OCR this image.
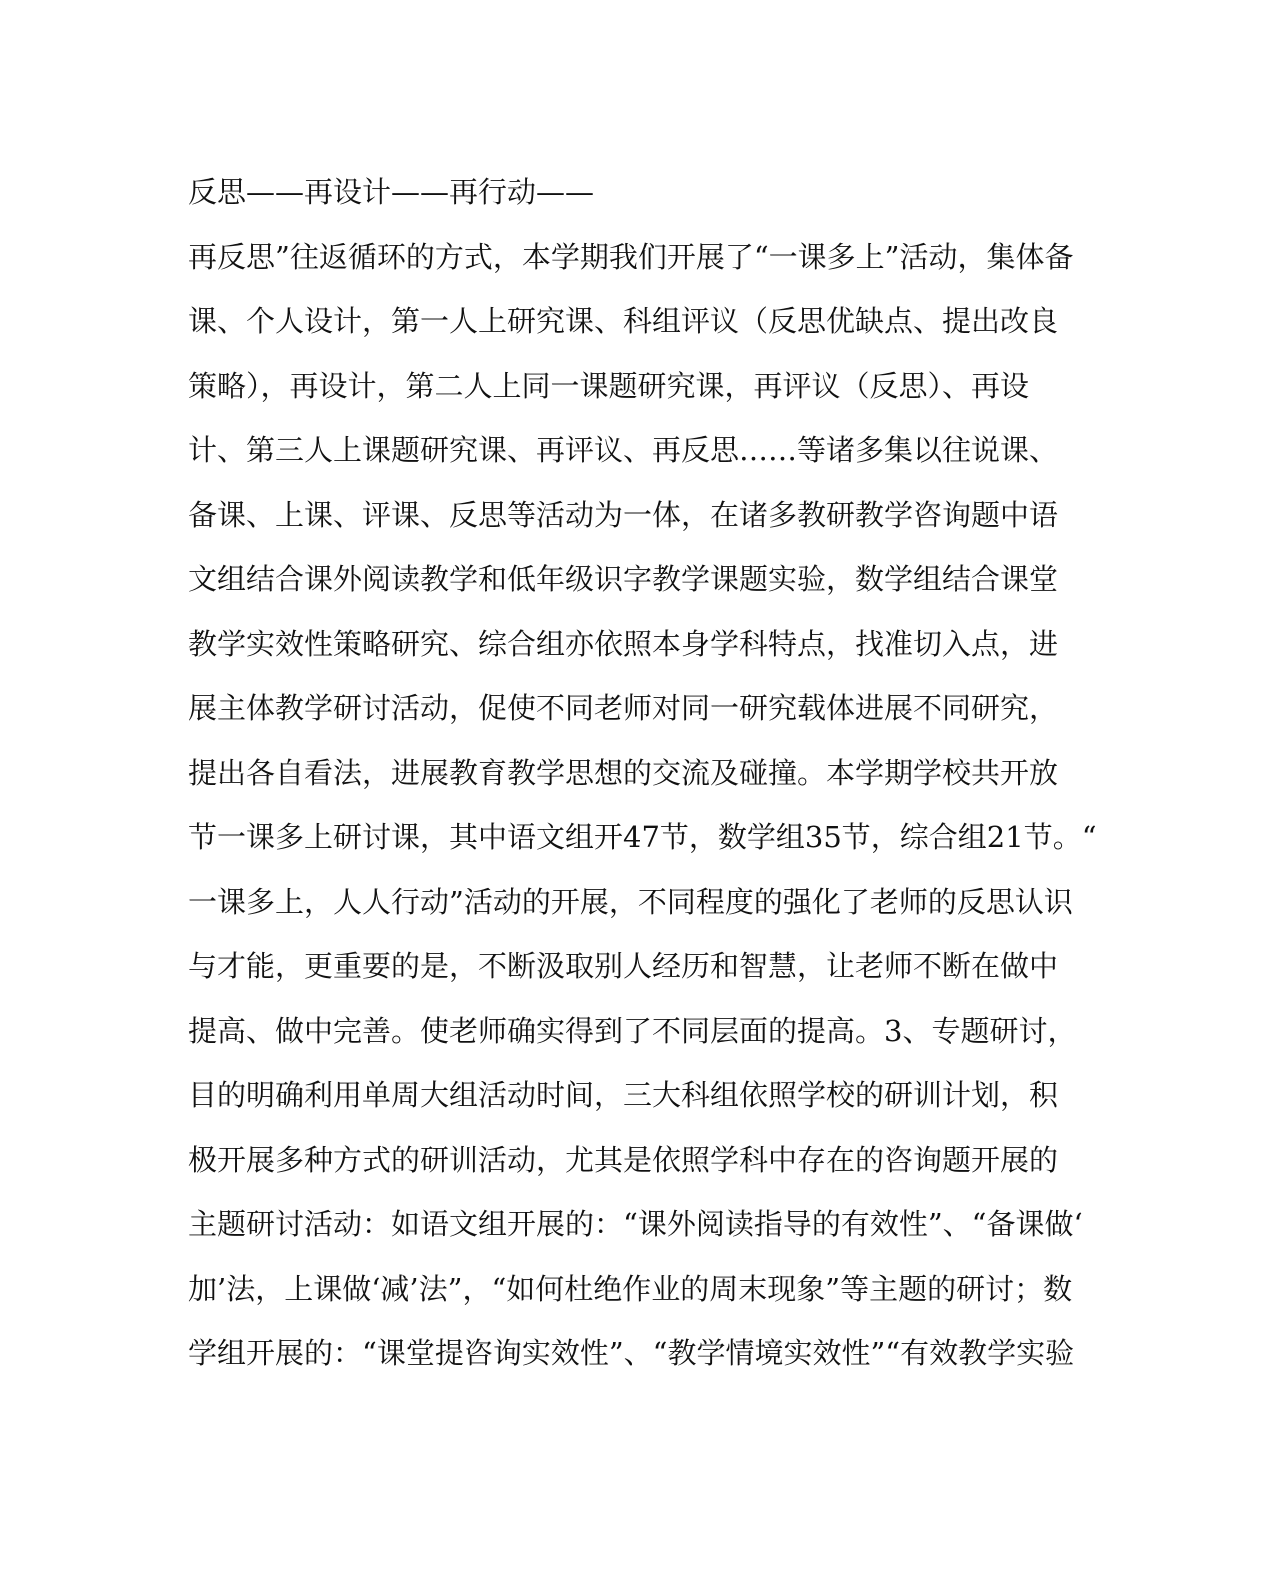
反思——再设计——再行动——
再反思”往返循环的方式，本学期我们开展了“一课多上”活动，集体备
课、个人设计，第一人上研究课、科组评议（反思优缺点、提出改良
策略），再设计，第二人上同一课题研究课，再评议（反思）、再设
计、第三人上课题研究课、再评议、再反思……等诸多集以往说课、
备课、上课、评课、反思等活动为一体，在诸多教研教学咨询题中语
文组结合课外阅读教学和低年级识字教学课题实验，数学组结合课堂
教学实效性策略研究、综合组亦依照本身学科特点，找准切入点，进
展主体教学研讨活动，促使不同老师对同一研究载体进展不同研究，
提出各自看法，进展教育教学思想的交流及碰撞。本学期学校共开放
节一课多上研讨课，其中语文组开47节，数学组35节，综合组21节。“
一课多上，人人行动”活动的开展，不同程度的强化了老师的反思认识
与才能，更重要的是，不断汲取别人经历和智慧，让老师不断在做中
提高、做中完善。使老师确实得到了不同层面的提高。3、专题研讨，
目的明确利用单周大组活动时间，三大科组依照学校的研训计划，积
极开展多种方式的研训活动，尤其是依照学科中存在的咨询题开展的
主题研讨活动：如语文组开展的：“课外阅读指导的有效性”、“备课做‘
加’法，上课做‘减’法”，“如何杜绝作业的周末现象”等主题的研讨；数
学组开展的：“课堂提咨询实效性”、“教学情境实效性”“有效教学实验
